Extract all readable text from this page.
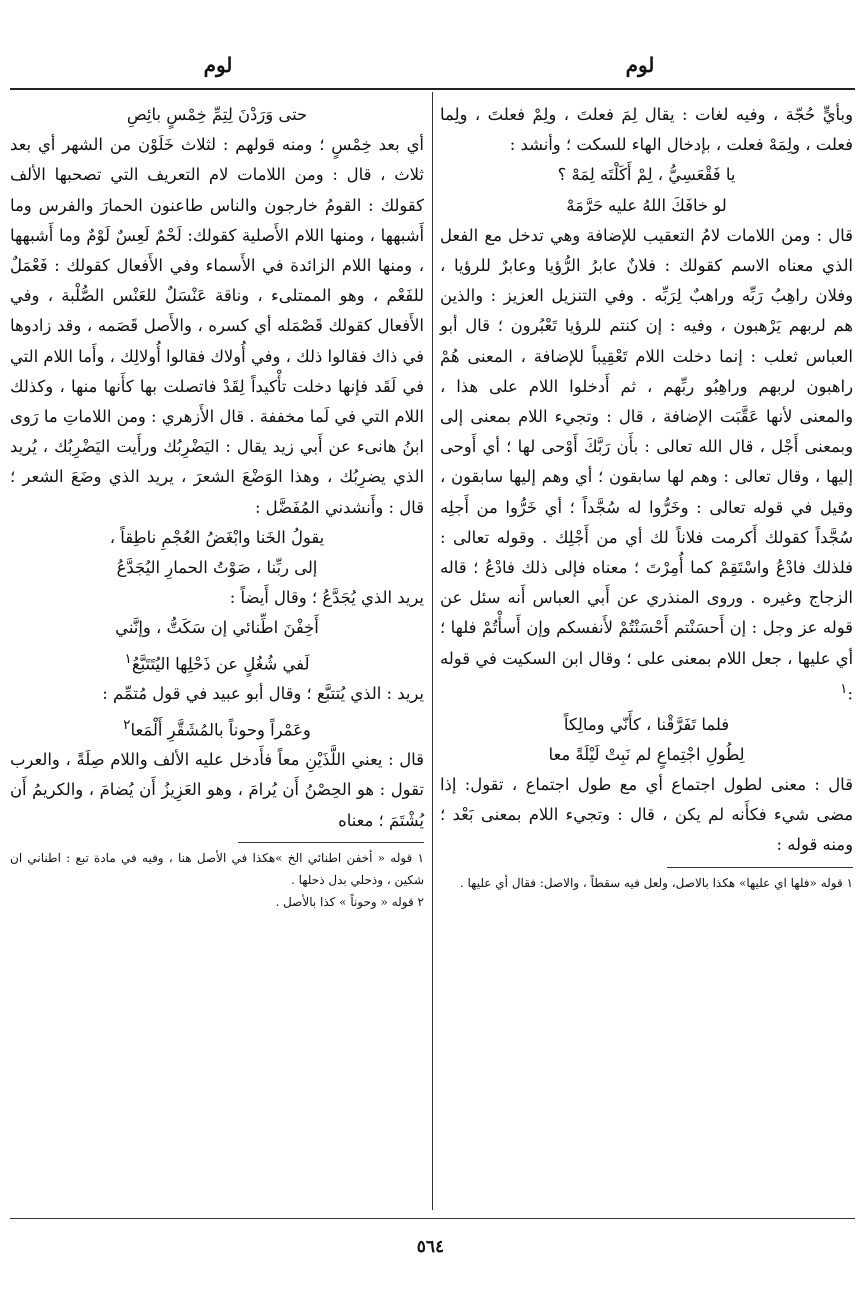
لوم
لوم

وبأيٍّ حُجّة ، وفيه لغات : يقال لِمَ فعلتَ ، ولِمْ فعلتَ ، ولِما فعلت ، ولِمَهْ فعلت ، بإدخال الهاء للسكت ؛ وأنشد :

يا فَقْعَسِيُّ ، لِمْ أَكَلْتَه لِمَهْ ؟

لو خافَكَ اللهُ عليه حَرَّمَهْ

قال : ومن اللامات لامُ التعقيب للإضافة وهي تدخل مع الفعل الذي معناه الاسم كقولك : فلانٌ عابرُ الرُّؤيا وعابرٌ للرؤيا ، وفلان راهِبُ رَبِّه وراهبٌ لِرَبِّه . وفي التنزيل العزيز : والذين هم لربهم يَرْهبون ، وفيه : إن كنتم للرؤيا تَعْبُرون ؛ قال أبو العباس ثعلب : إنما دخلت اللام تَعْقِيباً للإضافة ، المعنى هُمْ راهبون لربهم وراهِبُو ربِّهم ، ثم أَدخلوا اللام على هذا ، والمعنى لأنها عَقَّبَت الإضافة ، قال : وتجيء اللام بمعنى إلى وبمعنى أَجْل ، قال الله تعالى : بأَن رَبَّكَ أَوْحى لها ؛ أي أَوحى إليها ، وقال تعالى : وهم لها سابقون ؛ أي وهم إليها سابقون ، وقيل في قوله تعالى : وخَرُّوا له سُجَّداً ؛ أي خَرُّوا من أَجلِه سُجَّداً كقولك أَكرمت فلاناً لك أي من أَجْلِك . وقوله تعالى : فلذلك فادْعُ واسْتَقِمْ كما أُمِرْتَ ؛ معناه فإلى ذلك فادْعُ ؛ قاله الزجاج وغيره . وروى المنذري عن أَبي العباس أَنه سئل عن قوله عز وجل : إن أَحسَنْتم أَحْسَنْتُمْ لأَنفسكم وإن أَسأْتُمْ فلها ؛ أي عليها ، جعل اللام بمعنى على ؛ وقال ابن السكيت في قوله :$^١$

فلما تَفَرَّقْنا ، كأَنّي ومالِكاً

لِطُولِ اجْتِماعٍ لم نَبِتْ لَيْلَةً معا

قال : معنى لطول اجتماع أي مع طول اجتماع ، تقول: إذا مضى شيء فكأَنه لم يكن ، قال : وتجيء اللام بمعنى بَعْد ؛ ومنه قوله :

١ قوله «فلها اي عليها» هكذا بالاصل، ولعل فيه سقطاً ، والاصل: فقال أي عليها .

حتى وَرَدْنَ لِتِمِّ خِمْسٍ بائِصِ

أي بعد خِمْسٍ ؛ ومنه قولهم : لثلاث خَلَوْن من الشهر أي بعد ثلاث ، قال : ومن اللامات لام التعريف التي تصحبها الألف كقولك : القومُ خارجون والناس طاعنون الحمارَ والفرس وما أَشبهها ، ومنها اللام الأَصلية كقولك: لَحْمٌ لَعِسٌ لَوْمٌ وما أَشبهها ، ومنها اللام الزائدة في الأَسماء وفي الأَفعال كقولك : فَعْمَلٌ للفَعْم ، وهو الممتلىء ، وناقة عَنْسَلٌ للعَنْس الصُّلْبة ، وفي الأَفعال كقولك قَصْمَله أي كسره ، والأَصل قَصَمه ، وقد زادوها في ذاك فقالوا ذلك ، وفي أُولاك فقالوا أُولالِك ، وأَما اللام التي في لَقَد فإنها دخلت تأْكيداً لِقَدْ فاتصلت بها كأَنها منها ، وكذلك اللام التي في لَما مخففة . قال الأَزهري : ومن اللاماتِ ما رَوى ابنُ هانىء عن أَبي زيد يقال : اليَضْرِبُك ورأَيت اليَضْرِبُك ، يُريد الذي يضرِبُك ، وهذا الوَضْعَ الشعرَ ، يريد الذي وضَعَ الشعر ؛ قال : وأَنشدني المُفَضَّل :

يقولُ الخَنا وابْغَضُ العُجْمِ ناطِقاً ،

إلى ربِّنا ، صَوْتُ الحمارِ اليُجَدَّعُ

يريد الذي يُجَدَّعُ ؛ وقال أَيضاً :

أَخِفْنَ اطِّنائي إن سَكَتُّ ، وإنَّني

لَفي شُغُلٍ عن ذَحْلِها اليُتَتَبَّعُ$^١$

يريد : الذي يُتتبَّع ؛ وقال أبو عبيد في قول مُتمِّم :

وعَمْراً وحوناً بالمُشَقَّرِ أَلْمَعا$^٢$

قال : يعني اللَّذَيْنِ معاً فأَدخل عليه الألف واللام صِلَةً ، والعرب تقول : هو الحِصْنُ أَن يُرامَ ، وهو العَزِيزُ أَن يُضامَ ، والكريمُ أَن يُشْتَمَ ؛ معناه

١ قوله « أخفن اطنائي الخ »هكذا في الأصل هنا ، وفيه في مادة تبع : اطناني ان شكين ، وذحلي بدل ذحلها .

٢ قوله « وحوناً » كذا بالأصل .

٥٦٤
